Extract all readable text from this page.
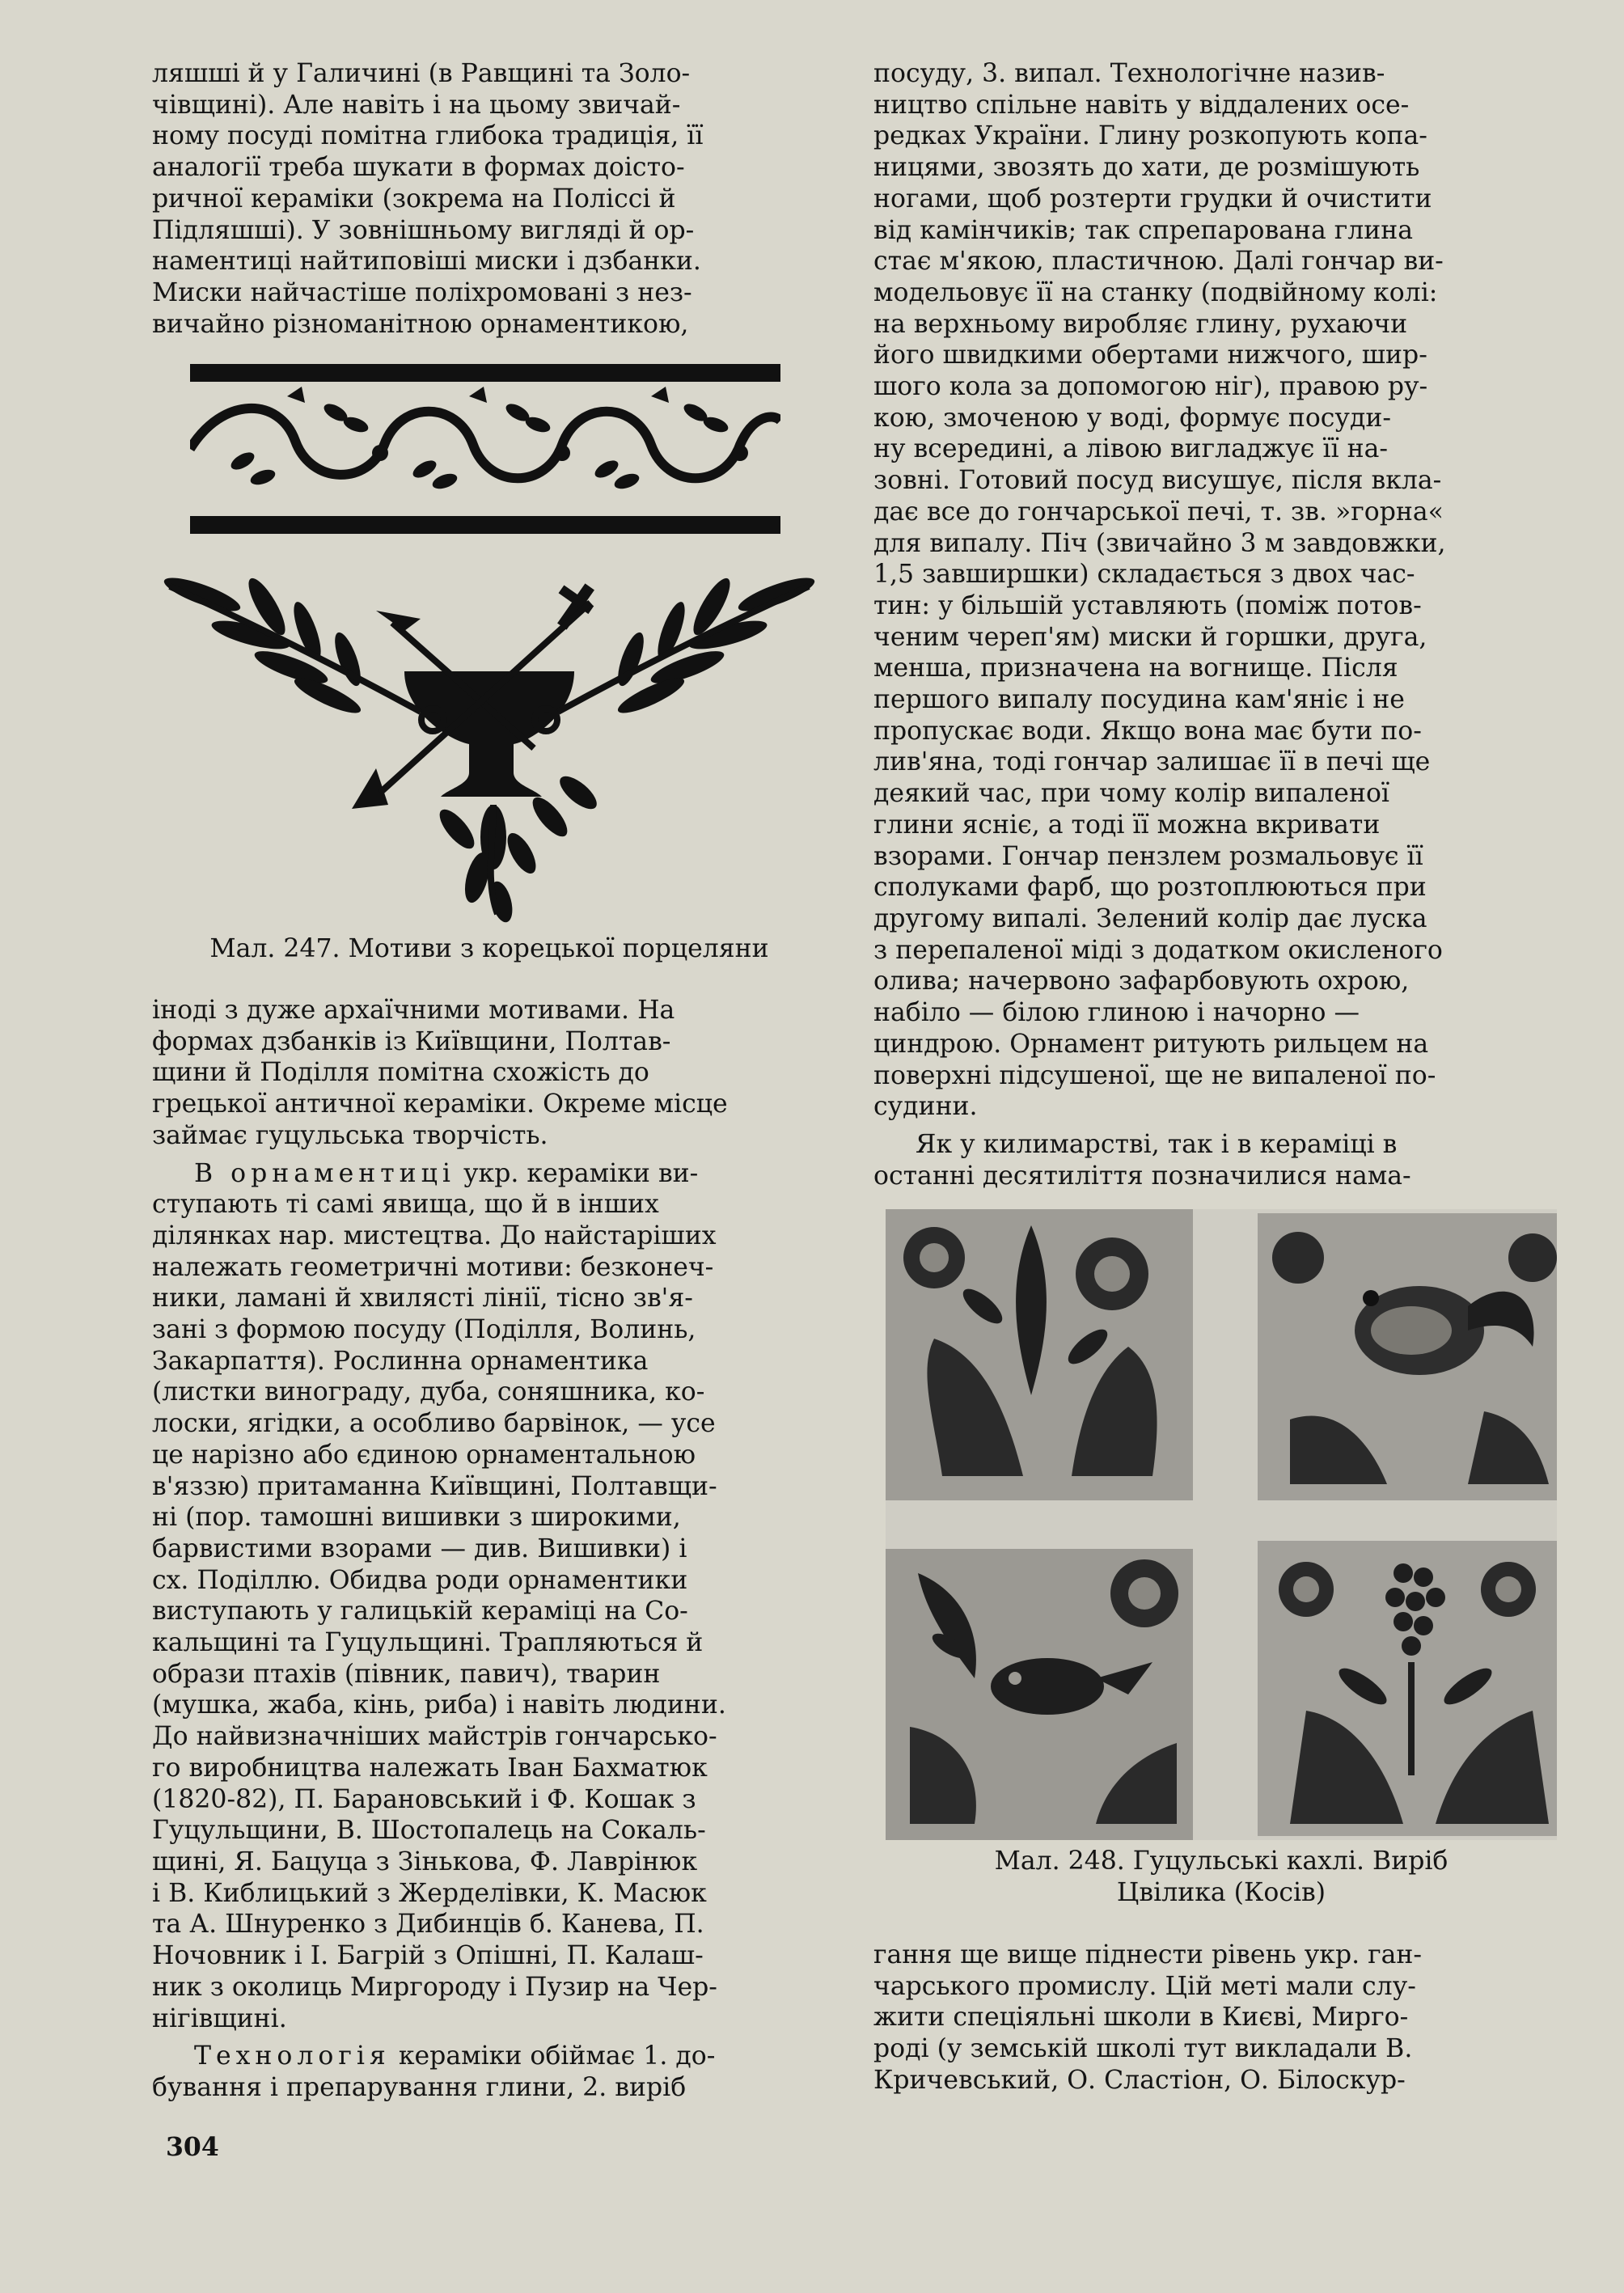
ляшші й у Галичині (в Равщині та Золо-
чівщині). Але навіть і на цьому звичай-
ному посуді помітна глибока традиція, її
аналогії треба шукати в формах доісто-
ричної кераміки (зокрема на Поліссі й
Підляшші). У зовнішньому вигляді й ор-
наментиці найтиповіші миски і дзбанки.
Миски найчастіше поліхромовані з нез-
вичайно різноманітною орнаментикою,

Мал. 247. Мотиви з корецької порцеляни

іноді з дуже архаїчними мотивами. На
формах дзбанків із Київщини, Полтав-
щини й Поділля помітна схожість до
грецької античної кераміки. Окреме місце
займає гуцульська творчість.

В орнаментиці укр. кераміки ви-
ступають ті самі явища, що й в інших
ділянках нар. мистецтва. До найстаріших
належать геометричні мотиви: безконеч-
ники, ламані й хвилясті лінії, тісно зв'я-
зані з формою посуду (Поділля, Волинь,
Закарпаття). Рослинна орнаментика
(листки винограду, дуба, соняшника, ко-
лоски, ягідки, а особливо барвінок, — усе
це нарізно або єдиною орнаментальною
в'яззю) притаманна Київщині, Полтавщи-
ні (пор. тамошні вишивки з широкими,
барвистими взорами — див. Вишивки) і
сх. Поділлю. Обидва роди орнаментики
виступають у галицькій кераміці на Со-
кальщині та Гуцульщині. Трапляються й
образи птахів (півник, павич), тварин
(мушка, жаба, кінь, риба) і навіть людини.
До найвизначніших майстрів гончарсько-
го виробництва належать Іван Бахматюк
(1820-82), П. Барановський і Ф. Кошак з
Гуцульщини, В. Шостопалець на Сокаль-
щині, Я. Бацуца з Зінькова, Ф. Лаврінюк
і В. Киблицький з Жерделівки, К. Масюк
та А. Шнуренко з Дибинців б. Канева, П.
Ночовник і І. Багрій з Опішні, П. Калаш-
ник з околиць Миргороду і Пузир на Чер-
нігівщині.

Технологія кераміки обіймає 1. до-
бування і препарування глини, 2. виріб

посуду, 3. випал. Технологічне назив-
ництво спільне навіть у віддалених осе-
редках України. Глину розкопують копа-
ницями, звозять до хати, де розмішують
ногами, щоб розтерти грудки й очистити
від камінчиків; так спрепарована глина
стає м'якою, пластичною. Далі гончар ви-
модельовує її на станку (подвійному колі:
на верхньому виробляє глину, рухаючи
його швидкими обертами нижчого, шир-
шого кола за допомогою ніг), правою ру-
кою, змоченою у воді, формує посуди-
ну всередині, а лівою вигладжує її на-
зовні. Готовий посуд висушує, після вкла-
дає все до гончарської печі, т. зв. »горна«
для випалу. Піч (звичайно 3 м завдовжки,
1,5 завширшки) складається з двох час-
тин: у більшій уставляють (поміж потов-
ченим череп'ям) миски й горшки, друга,
менша, призначена на вогнище. Після
першого випалу посудина кам'яніє і не
пропускає води. Якщо вона має бути по-
лив'яна, тоді гончар залишає її в печі ще
деякий час, при чому колір випаленої
глини ясніє, а тоді її можна вкривати
взорами. Гончар пензлем розмальовує її
сполуками фарб, що розтоплюються при
другому випалі. Зелений колір дає луска
з перепаленої міді з додатком окисленого
олива; начервоно зафарбовують охрою,
набіло — білою глиною і начорно —
циндрою. Орнамент ритують рильцем на
поверхні підсушеної, ще не випаленої по-
судини.

Як у килимарстві, так і в кераміці в
останні десятиліття позначилися нама-

Мал. 248. Гуцульські кахлі. Виріб
Цвілика (Косів)

гання ще вище піднести рівень укр. ган-
чарського промислу. Цій меті мали слу-
жити спеціяльні школи в Києві, Мирго-
роді (у земській школі тут викладали В.
Кричевський, О. Сластіон, О. Білоскур-

304
